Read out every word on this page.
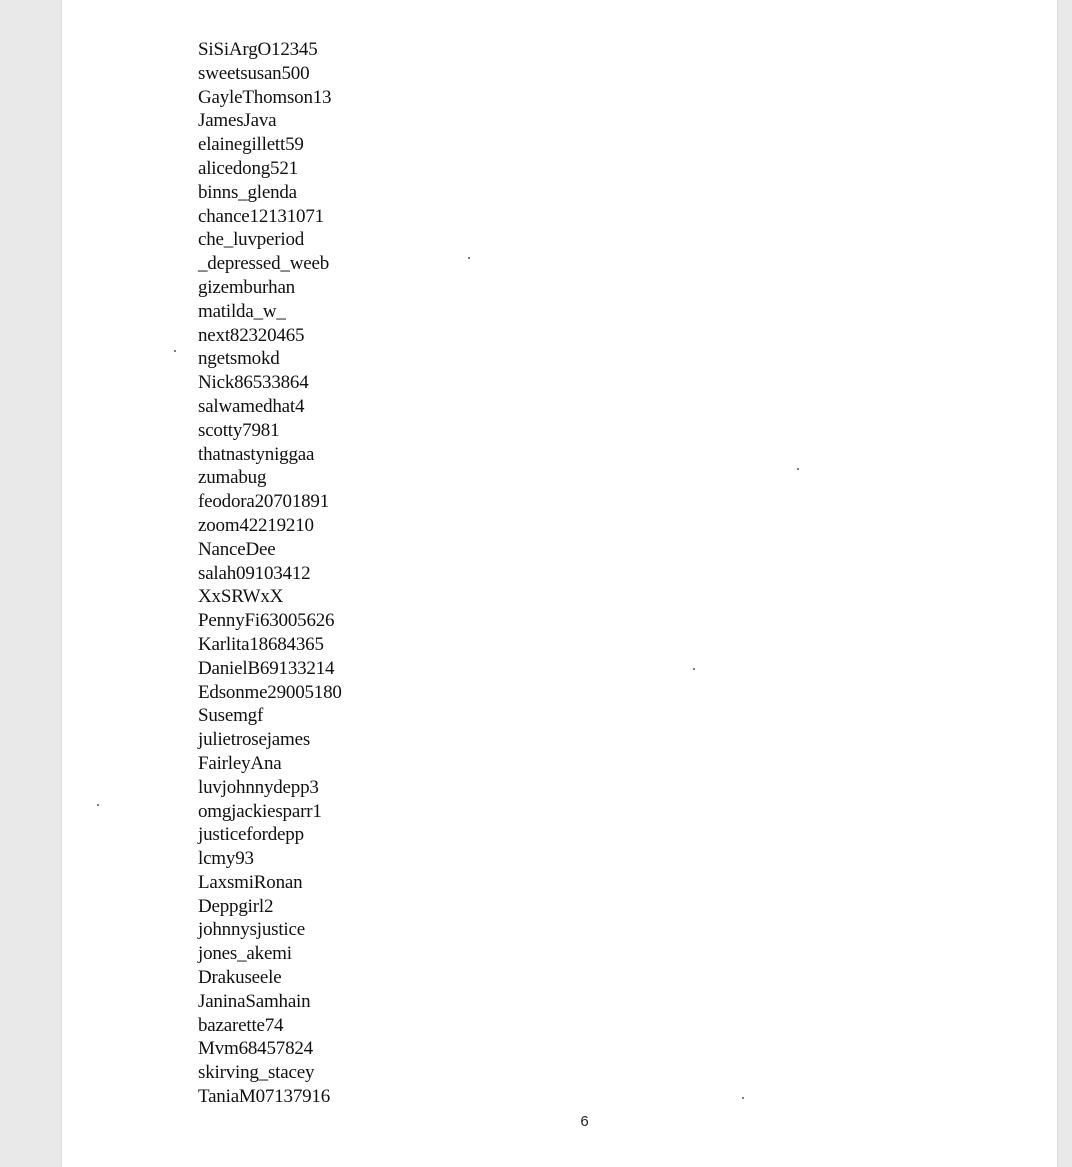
SiSiArgO12345
sweetsusan500
GayleThomson13
JamesJava
elainegillett59
alicedong521
binns_glenda
chance12131071
che_luvperiod
_depressed_weeb
gizemburhan
matilda_w_
next82320465
ngetsmokd
Nick86533864
salwamedhat4
scotty7981
thatnastyniggaa
zumabug
feodora20701891
zoom42219210
NanceDee
salah09103412
XxSRWxX
PennyFi63005626
Karlita18684365
DanielB69133214
Edsonme29005180
Susemgf
julietrosejames
FairleyAna
luvjohnnydepp3
omgjackiesparr1
justicefordepp
lcmy93
LaxsmiRonan
Deppgirl2
johnnysjustice
jones_akemi
Drakuseele
JaninaSamhain
bazarette74
Mvm68457824
skirving_stacey
TaniaM07137916
6
